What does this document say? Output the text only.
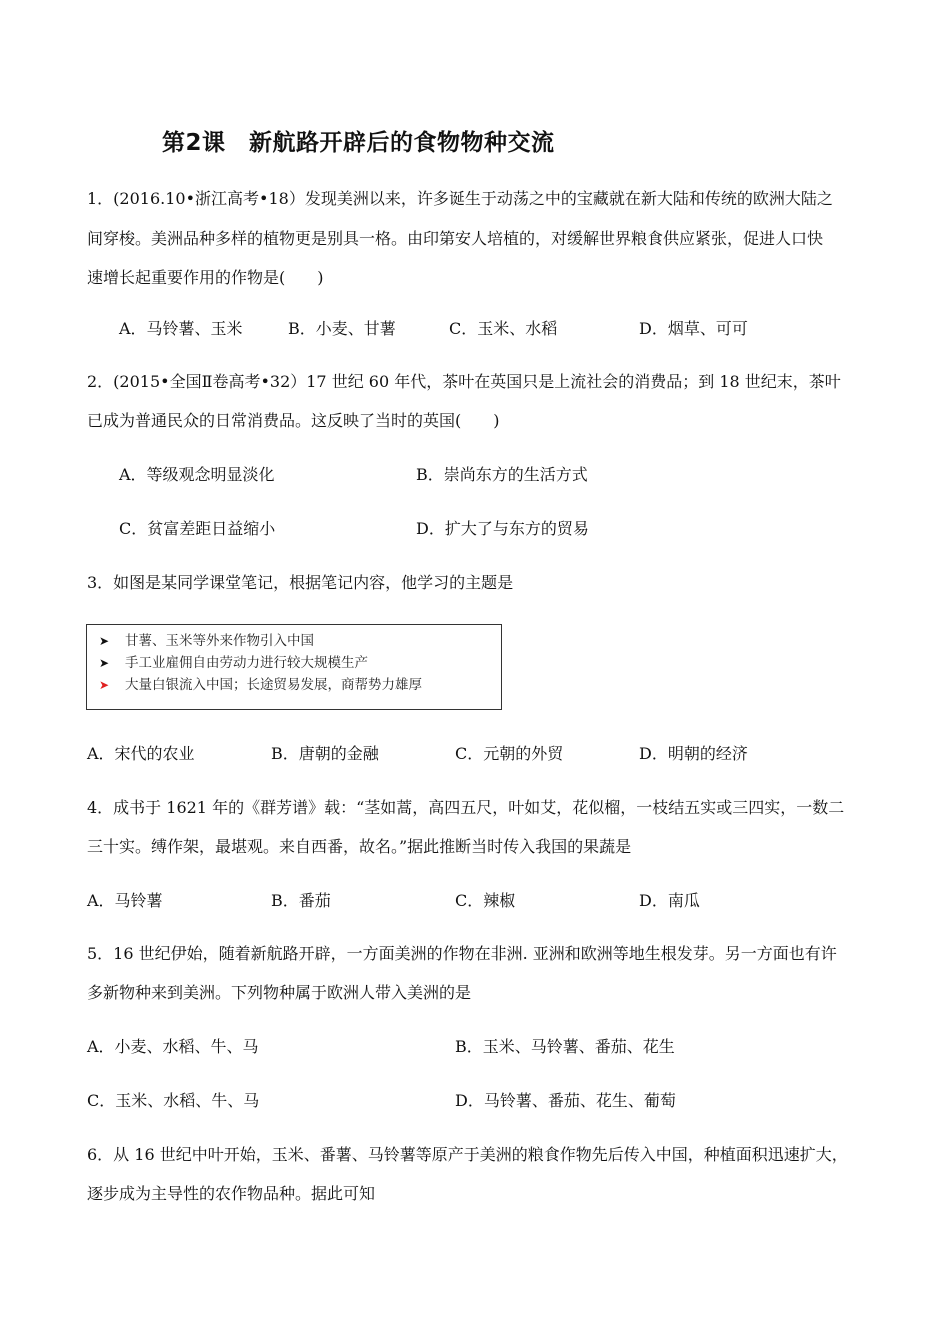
第2课　新航路开辟后的食物物种交流
1．(2016.10•浙江高考•18）发现美洲以来，许多诞生于动荡之中的宝藏就在新大陆和传统的欧洲大陆之
间穿梭。美洲品种多样的植物更是别具一格。由印第安人培植的，对缓解世界粮食供应紧张，促进人口快
速增长起重要作用的作物是(　　)
A．马铃薯、玉米	B．小麦、甘薯	C．玉米、水稻	D．烟草、可可
2．(2015•全国Ⅱ卷高考•32）17 世纪 60 年代，茶叶在英国只是上流社会的消费品；到 18 世纪末，茶叶
已成为普通民众的日常消费品。这反映了当时的英国(　　)
A．等级观念明显淡化	B．崇尚东方的生活方式
C．贫富差距日益缩小	D．扩大了与东方的贸易
3．如图是某同学课堂笔记，根据笔记内容，他学习的主题是
➤ 甘薯、玉米等外来作物引入中国
➤ 手工业雇佣自由劳动力进行较大规模生产
➤ 大量白银流入中国；长途贸易发展，商帮势力雄厚
A．宋代的农业	B．唐朝的金融	C．元朝的外贸	D．明朝的经济
4．成书于 1621 年的《群芳谱》载：“茎如蒿，高四五尺，叶如艾，花似榴，一枝结五实或三四实，一数二
三十实。缚作架，最堪观。来自西番，故名。”据此推断当时传入我国的果蔬是
A．马铃薯	B．番茄	C．辣椒	D．南瓜
5．16 世纪伊始，随着新航路开辟，一方面美洲的作物在非洲. 亚洲和欧洲等地生根发芽。另一方面也有许
多新物种来到美洲。下列物种属于欧洲人带入美洲的是
A．小麦、水稻、牛、马	B．玉米、马铃薯、番茄、花生
C．玉米、水稻、牛、马	D．马铃薯、番茄、花生、葡萄
6．从 16 世纪中叶开始，玉米、番薯、马铃薯等原产于美洲的粮食作物先后传入中国，种植面积迅速扩大，
逐步成为主导性的农作物品种。据此可知
